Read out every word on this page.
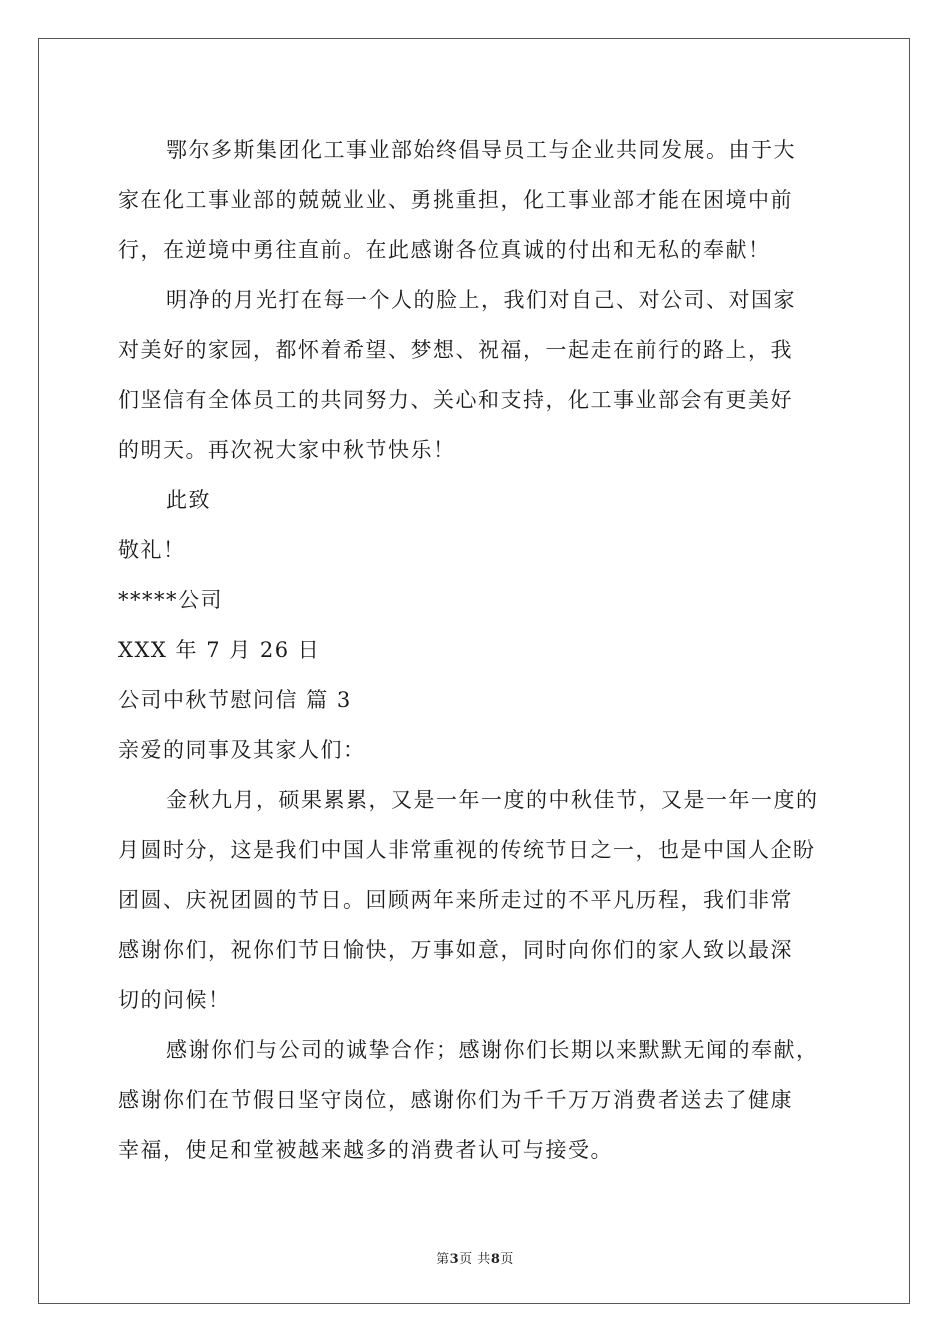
鄂尔多斯集团化工事业部始终倡导员工与企业共同发展。由于大
家在化工事业部的兢兢业业、勇挑重担，化工事业部才能在困境中前
行，在逆境中勇往直前。在此感谢各位真诚的付出和无私的奉献！
明净的月光打在每一个人的脸上，我们对自己、对公司、对国家
对美好的家园，都怀着希望、梦想、祝福，一起走在前行的路上，我
们坚信有全体员工的共同努力、关心和支持，化工事业部会有更美好
的明天。再次祝大家中秋节快乐！
此致
敬礼！
*****公司
XXX 年 7 月 26 日
公司中秋节慰问信 篇 3
亲爱的同事及其家人们：
金秋九月，硕果累累，又是一年一度的中秋佳节，又是一年一度的
月圆时分，这是我们中国人非常重视的传统节日之一，也是中国人企盼
团圆、庆祝团圆的节日。回顾两年来所走过的不平凡历程，我们非常
感谢你们，祝你们节日愉快，万事如意，同时向你们的家人致以最深
切的问候！
感谢你们与公司的诚挚合作；感谢你们长期以来默默无闻的奉献，
感谢你们在节假日坚守岗位，感谢你们为千千万万消费者送去了健康
幸福，使足和堂被越来越多的消费者认可与接受。
第3页 共8页
